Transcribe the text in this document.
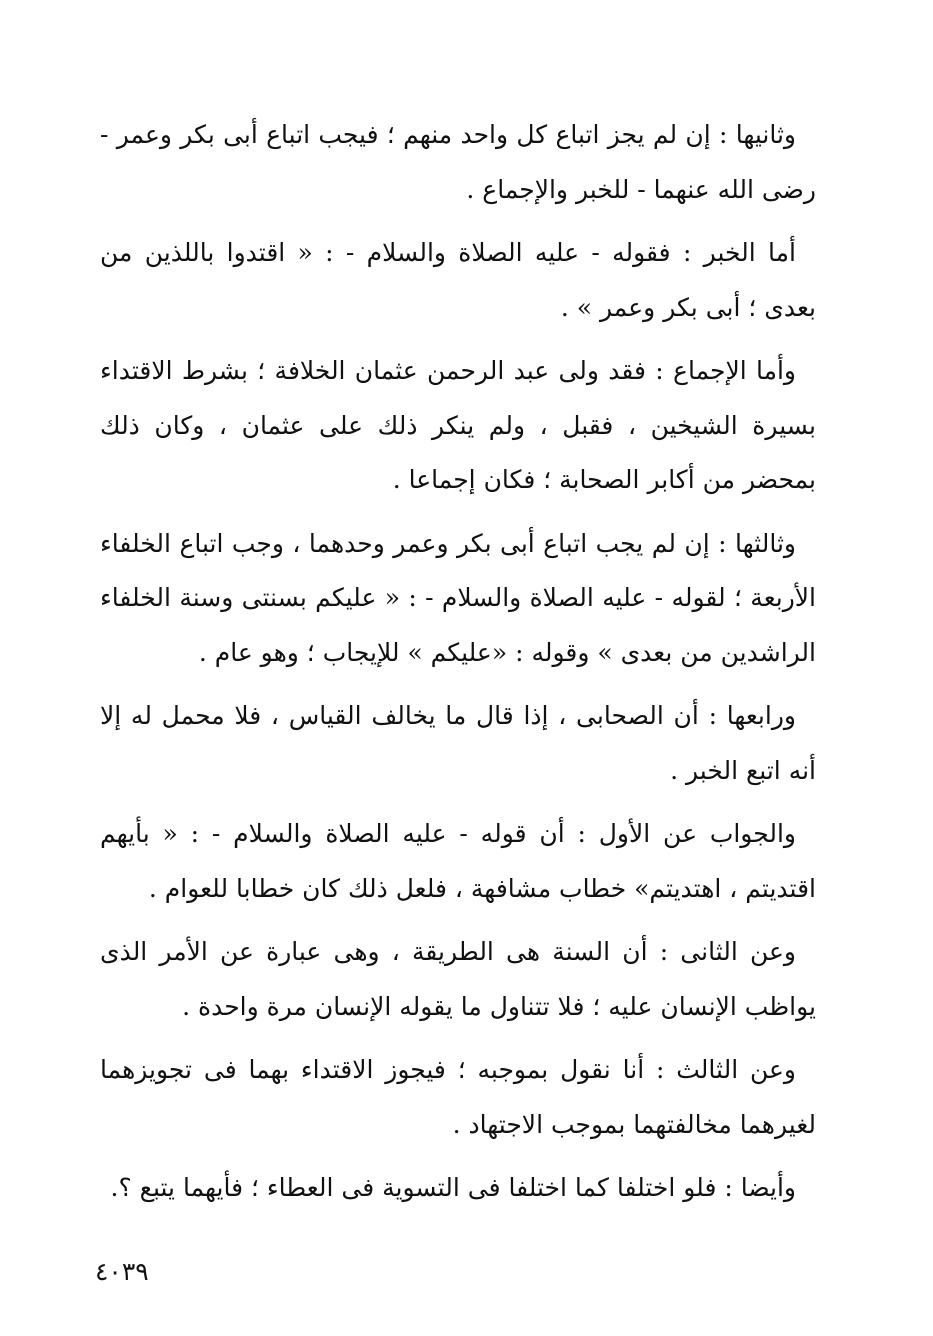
وثانيها : إن لم يجز اتباع كل واحد منهم ؛ فيجب اتباع أبى بكر وعمر - رضى الله عنهما - للخبر والإجماع .

أما الخبر : فقوله - عليه الصلاة والسلام - : « اقتدوا باللذين من بعدى ؛ أبى بكر وعمر » .

وأما الإجماع : فقد ولى عبد الرحمن عثمان الخلافة ؛ بشرط الاقتداء بسيرة الشيخين ، فقبل ، ولم ينكر ذلك على عثمان ، وكان ذلك بمحضر من أكابر الصحابة ؛ فكان إجماعا .

وثالثها : إن لم يجب اتباع أبى بكر وعمر وحدهما ، وجب اتباع الخلفاء الأربعة ؛ لقوله - عليه الصلاة والسلام - : « عليكم بسنتى وسنة الخلفاء الراشدين من بعدى » وقوله : «عليكم » للإيجاب ؛ وهو عام .

ورابعها : أن الصحابى ، إذا قال ما يخالف القياس ، فلا محمل له إلا أنه اتبع الخبر .

والجواب عن الأول : أن قوله - عليه الصلاة والسلام - : « بأيهم اقتديتم ، اهتديتم» خطاب مشافهة ، فلعل ذلك كان خطابا للعوام .

وعن الثانى : أن السنة هى الطريقة ، وهى عبارة عن الأمر الذى يواظب الإنسان عليه ؛ فلا تتناول ما يقوله الإنسان مرة واحدة .

وعن الثالث : أنا نقول بموجبه ؛ فيجوز الاقتداء بهما فى تجويزهما لغيرهما مخالفتهما بموجب الاجتهاد .

وأيضا : فلو اختلفا كما اختلفا فى التسوية فى العطاء ؛ فأيهما يتبع ؟.

٤٠٣٩
